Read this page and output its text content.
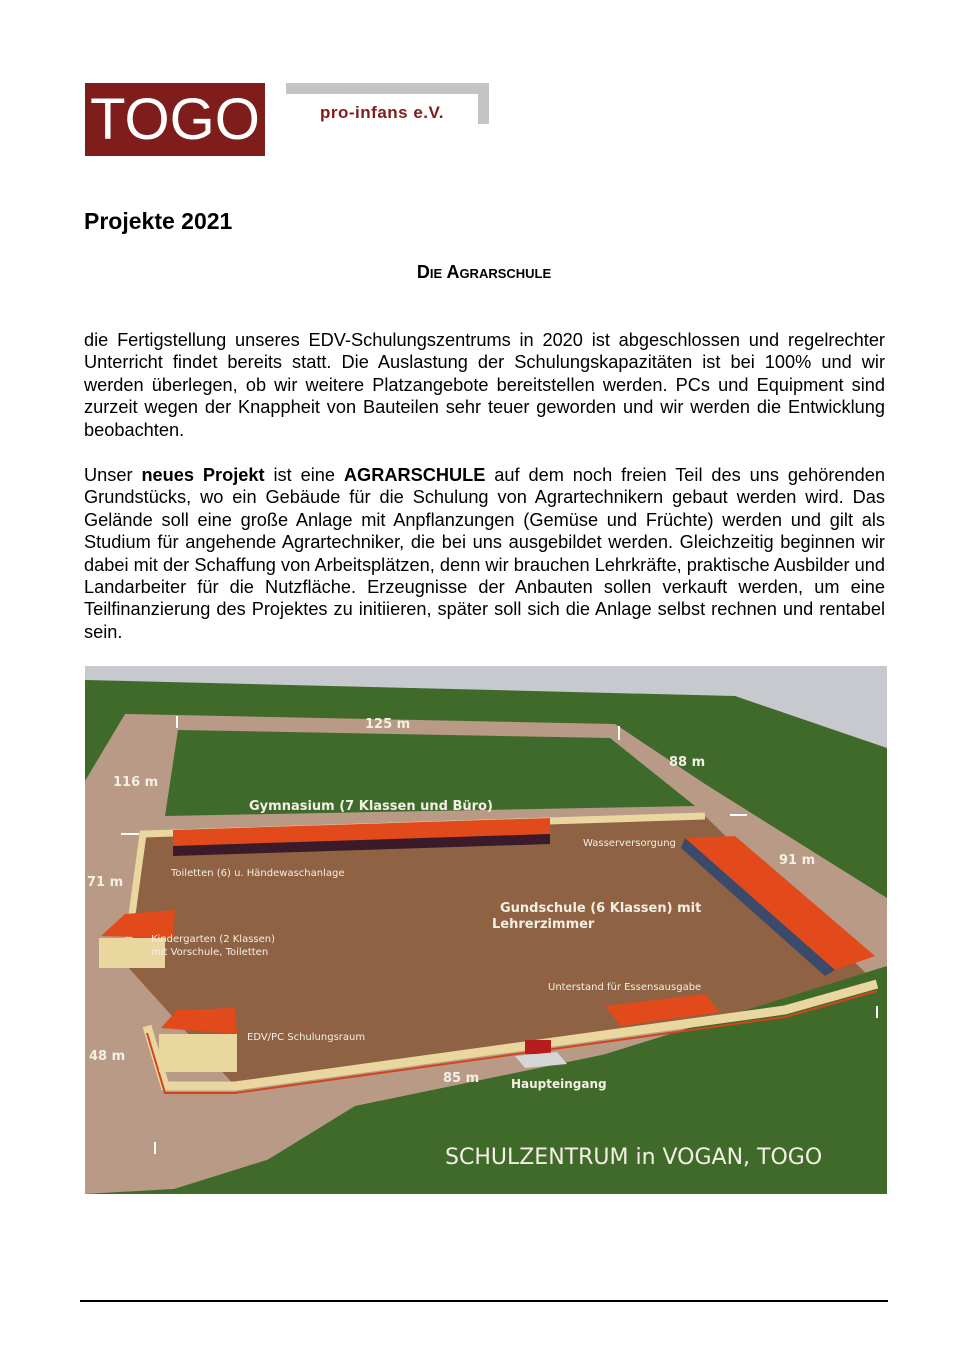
TOGO	pro-infans e.V.
Projekte 2021
Die Agrarschule
die Fertigstellung unseres EDV-Schulungszentrums in 2020 ist abgeschlossen und regelrechter Unterricht findet bereits statt. Die Auslastung der Schulungskapazitäten ist bei 100% und wir werden überlegen, ob wir weitere Platzangebote bereitstellen werden. PCs und Equipment sind zurzeit wegen der Knappheit von Bauteilen sehr teuer geworden und wir werden die Entwicklung beobachten.
Unser neues Projekt ist eine AGRARSCHULE auf dem noch freien Teil des uns gehörenden Grundstücks, wo ein Gebäude für die Schulung von Agrartechnikern gebaut werden wird. Das Gelände soll eine große Anlage mit Anpflanzungen (Gemüse und Früchte) werden und gilt als Studium für angehende Agrartechniker, die bei uns ausgebildet werden. Gleichzeitig beginnen wir dabei mit der Schaffung von Arbeitsplätzen, denn wir brauchen Lehrkräfte, praktische Ausbilder und Landarbeiter für die Nutzfläche. Erzeugnisse der Anbauten sollen verkauft werden, um eine Teilfinanzierung des Projektes zu initiieren, später soll sich die Anlage selbst rechnen und rentabel sein.
125 m
116 m
88 m
91 m
71 m
48 m
85 m
Gymnasium (7 Klassen und Büro)
Wasserversorgung
Toiletten (6) u. Händewaschanlage
Gundschule (6 Klassen) mit
Lehrerzimmer
Kindergarten (2 Klassen)
mit Vorschule, Toiletten
Unterstand für Essensausgabe
EDV/PC Schulungsraum
Haupteingang
SCHULZENTRUM in VOGAN, TOGO
